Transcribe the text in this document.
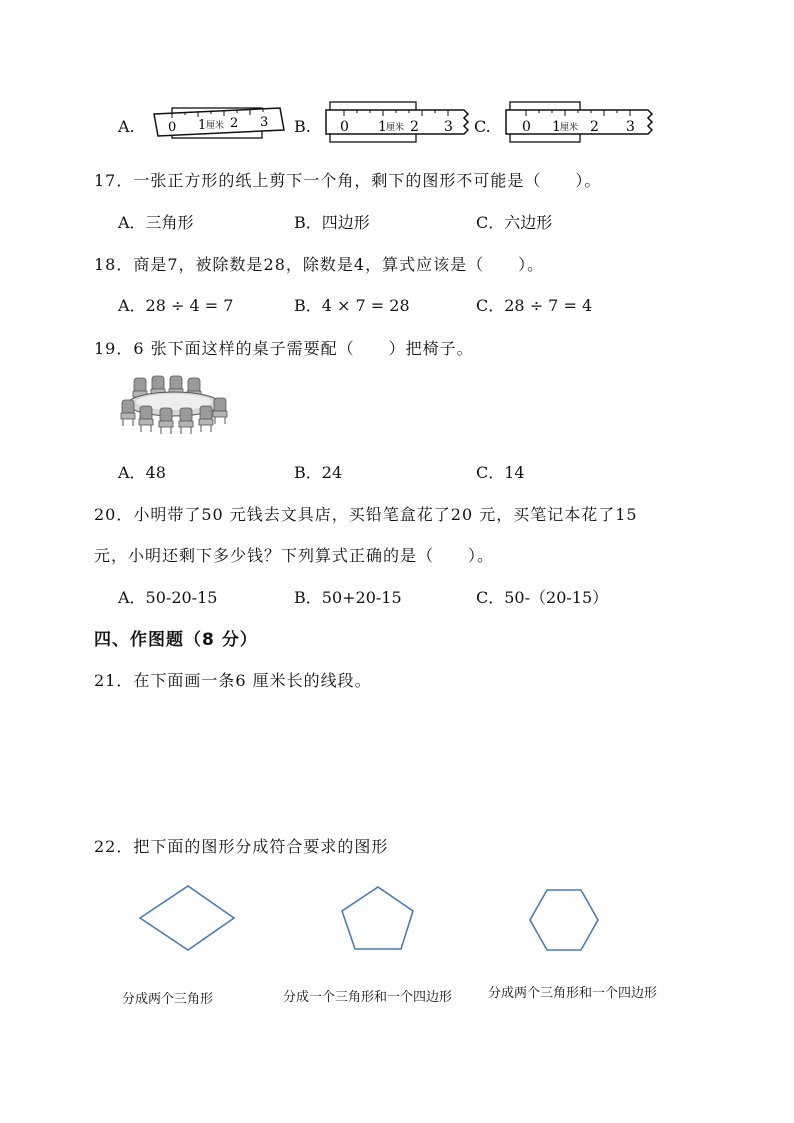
A.	0 1 厘米 2 3 B. 0 1 厘米 2 3 C. 0 1 厘米 2 3
17．一张正方形的纸上剪下一个角，剩下的图形不可能是（　　）。
A．三角形	B．四边形	C．六边形
18．商是7，被除数是28，除数是4，算式应该是（　　）。
A．28 ÷ 4 = 7	B．4 × 7 = 28	C．28 ÷ 7 = 4
19．6 张下面这样的桌子需要配（　　）把椅子。
A．48	B．24	C．14
20．小明带了50 元钱去文具店，买铅笔盒花了20 元，买笔记本花了15
元，小明还剩下多少钱？下列算式正确的是（　　）。
A．50-20-15	B．50+20-15	C．50-（20-15）
四、作图题（8 分）
21．在下面画一条6 厘米长的线段。
22．把下面的图形分成符合要求的图形
分成两个三角形	分成一个三角形和一个四边形	分成两个三角形和一个四边形
